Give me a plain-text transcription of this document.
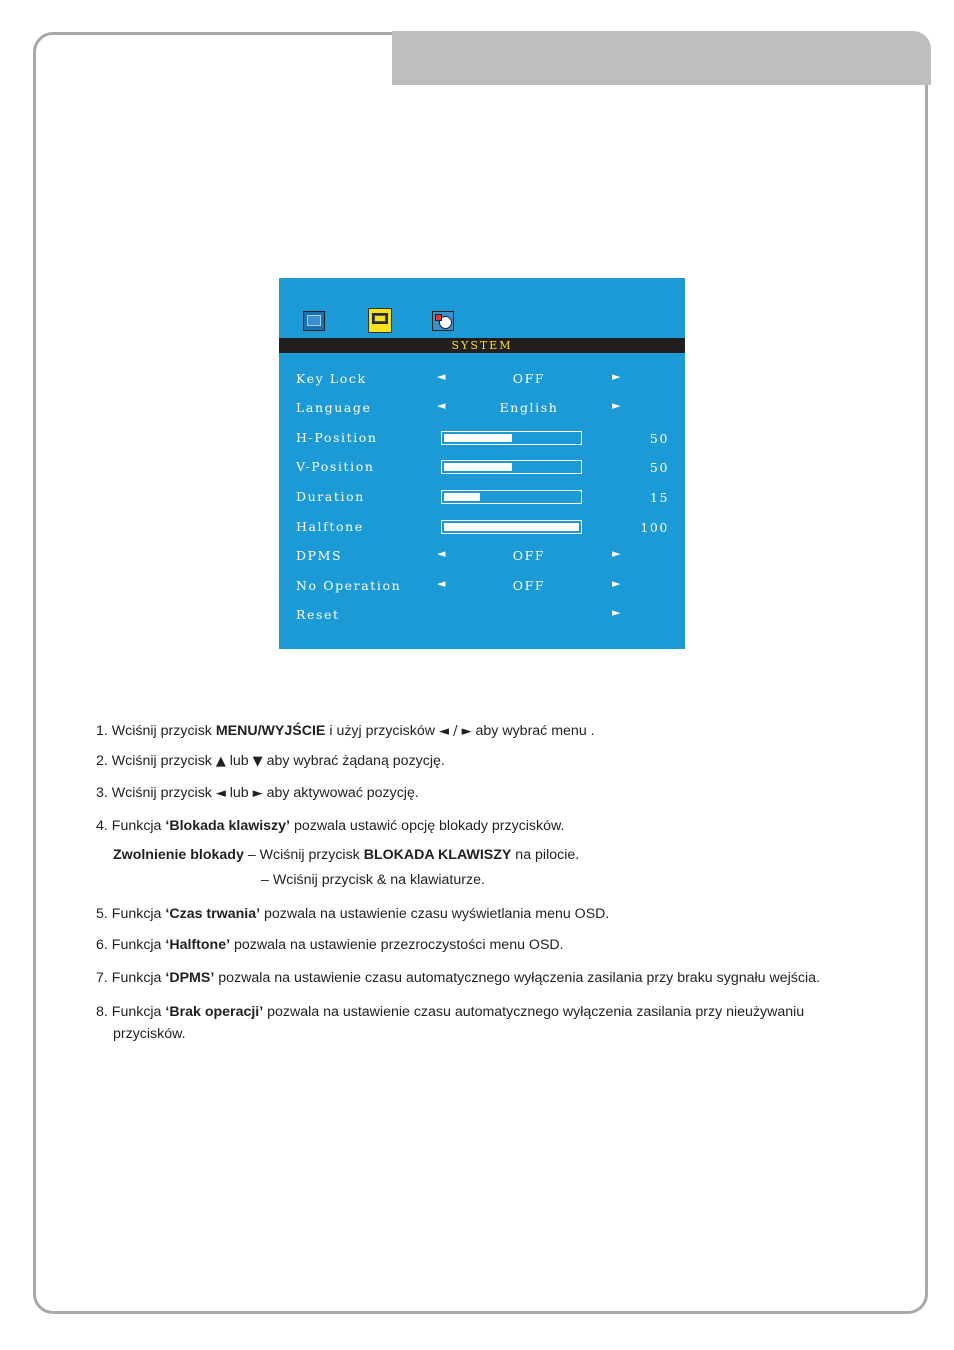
SYSTEM
Key Lock	◄	OFF	►
Language	◄	English	►
H-Position	50
V-Position	50
Duration	15
Halftone	100
DPMS	◄	OFF	►
No Operation	◄	OFF	►
Reset	►
1. Wciśnij przycisk MENU/WYJŚCIE i użyj przycisków ◄ / ► aby wybrać menu .
2. Wciśnij przycisk ▲ lub ▼ aby wybrać żądaną pozycję.
3. Wciśnij przycisk ◄ lub ► aby aktywować pozycję.
4. Funkcja ‘Blokada klawiszy’ pozwala ustawić opcję blokady przycisków.
Zwolnienie blokady – Wciśnij przycisk BLOKADA KLAWISZY na pilocie.
– Wciśnij przycisk & na klawiaturze.
5. Funkcja ‘Czas trwania’ pozwala na ustawienie czasu wyświetlania menu OSD.
6. Funkcja ‘Halftone’ pozwala na ustawienie przezroczystości menu OSD.
7. Funkcja ‘DPMS’ pozwala na ustawienie czasu automatycznego wyłączenia zasilania przy braku sygnału wejścia.
8. Funkcja ‘Brak operacji’ pozwala na ustawienie czasu automatycznego wyłączenia zasilania przy nieużywaniu
przycisków.
